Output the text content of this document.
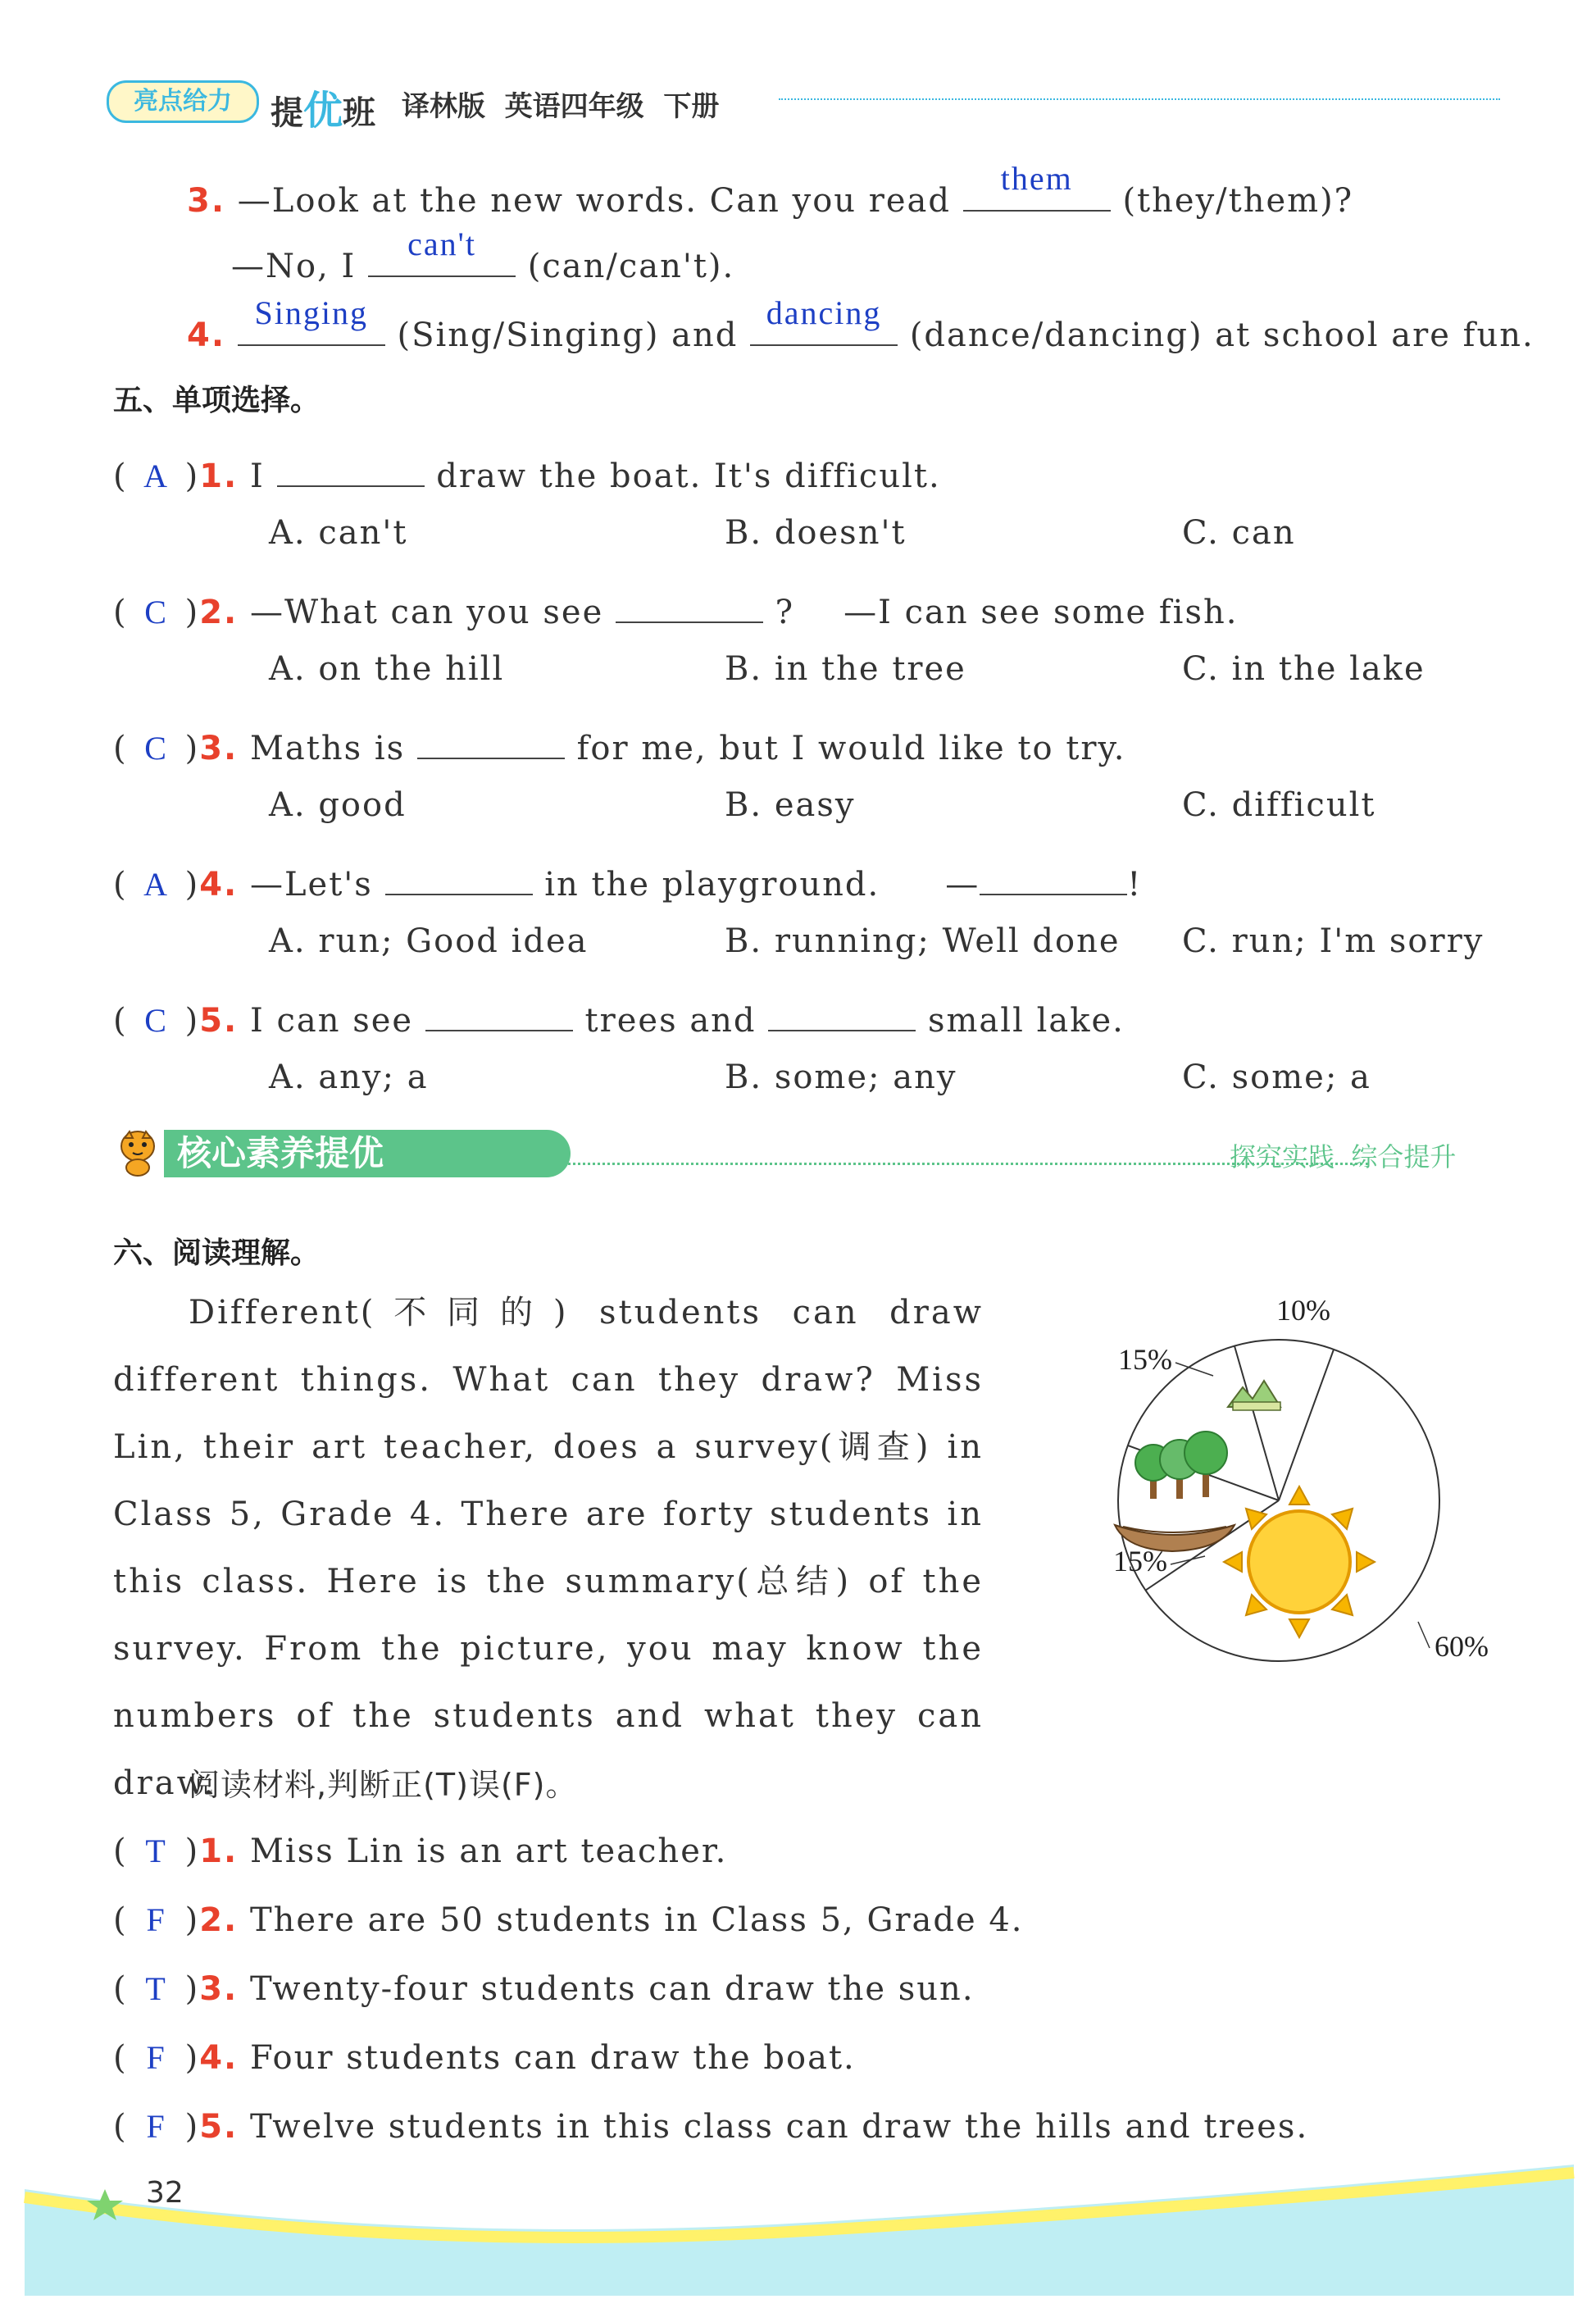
亮点给力	提优班 译林版  英语四年级  下册
3. —Look at the new words. Can you read
them
(they/them)?
—No, I
can't
(can/can't).
4.
Singing
(Sing/Singing) and
dancing
(dance/dancing) at school are fun.
五、单项选择。
( A )1. I	draw the boat. It's difficult.
A. can't	B. doesn't	C. can
( C )2. —What can you see	? —I can see some fish.
A. on the hill	B. in the tree	C. in the lake
( C )3. Maths is	for me, but I would like to try.
A. good	B. easy	C. difficult
( A )4. —Let's	in the playground. —	!
A. run; Good idea	B. running; Well done C. run; I'm sorry
( C )5. I can see	trees and	small lake.
A. any; a	B. some; any	C. some; a
核心素养提优	探究实践  综合提升
六、阅读理解。
Different(不同的) students can draw different things. What can they draw? Miss Lin, their art teacher, does a survey(调查) in Class 5, Grade 4. There are forty students in this class. Here is the summary(总结) of the survey. From the picture, you may know the numbers of the students and what they can draw.
阅读材料,判断正(T)误(F)。
( T )1. Miss Lin is an art teacher.
( F )2. There are 50 students in Class 5, Grade 4.
( T )3. Twenty-four students can draw the sun.
( F )4. Four students can draw the boat.
( F )5. Twelve students in this class can draw the hills and trees.
10%
15%
15%
60%
32
